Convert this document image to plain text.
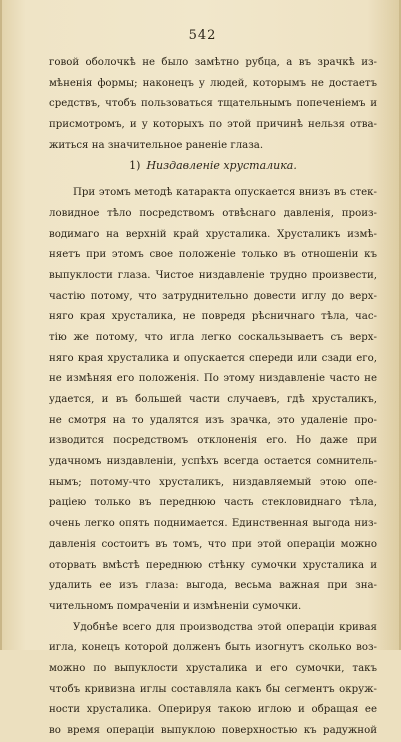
542
говой оболочкѣ не было замѣтно рубца, а въ зрачкѣ из-
мѣненія формы; наконецъ у людей, которымъ не достаетъ
средствъ, чтобъ пользоваться тщательнымъ попеченіемъ и
присмотромъ, и у которыхъ по этой причинѣ нельзя отва-
житься на значительное раненіе глаза.
1) Низдавленіе хрусталика.
При этомъ методѣ катаракта опускается внизъ въ стек-
ловидное тѣло посредствомъ отвѣснаго давленія, произ-
водимаго на верхній край хрусталика. Хрусталикъ измѣ-
няетъ при этомъ свое положеніе только въ отношеніи къ
выпуклости глаза. Чистое низдавленіе трудно произвести,
частію потому, что затруднительно довести иглу до верх-
няго края хрусталика, не повредя рѣсничнаго тѣла, час-
тію же потому, что игла легко соскальзываетъ съ верх-
няго края хрусталика и опускается спереди или сзади его,
не измѣняя его положенія. По этому низдавленіе часто не
удается, и въ большей части случаевъ, гдѣ хрусталикъ,
не смотря на то удалятся изъ зрачка, это удаленіе про-
изводится посредствомъ отклоненія его. Но даже при
удачномъ низдавленіи, успѣхъ всегда остается сомнитель-
нымъ; потому-что хрусталикъ, низдавляемый этою опе-
раціею только въ переднюю часть стекловиднаго тѣла,
очень легко опять поднимается. Единственная выгода низ-
давленія состоитъ въ томъ, что при этой операціи можно
оторвать вмѣстѣ переднюю стѣнку сумочки хрусталика и
удалить ее изъ глаза: выгода, весьма важная при зна-
чительномъ помраченіи и измѣненіи сумочки.
Удобнѣе всего для производства этой операціи кривая
игла, конецъ которой долженъ быть изогнутъ сколько воз-
можно по выпуклости хрусталика и его сумочки, такъ
чтобъ кривизна иглы составляла какъ бы сегментъ окруж-
ности хрусталика. Оперируя такою иглою и обращая ее
во время операціи выпуклою поверхностью къ радужной
